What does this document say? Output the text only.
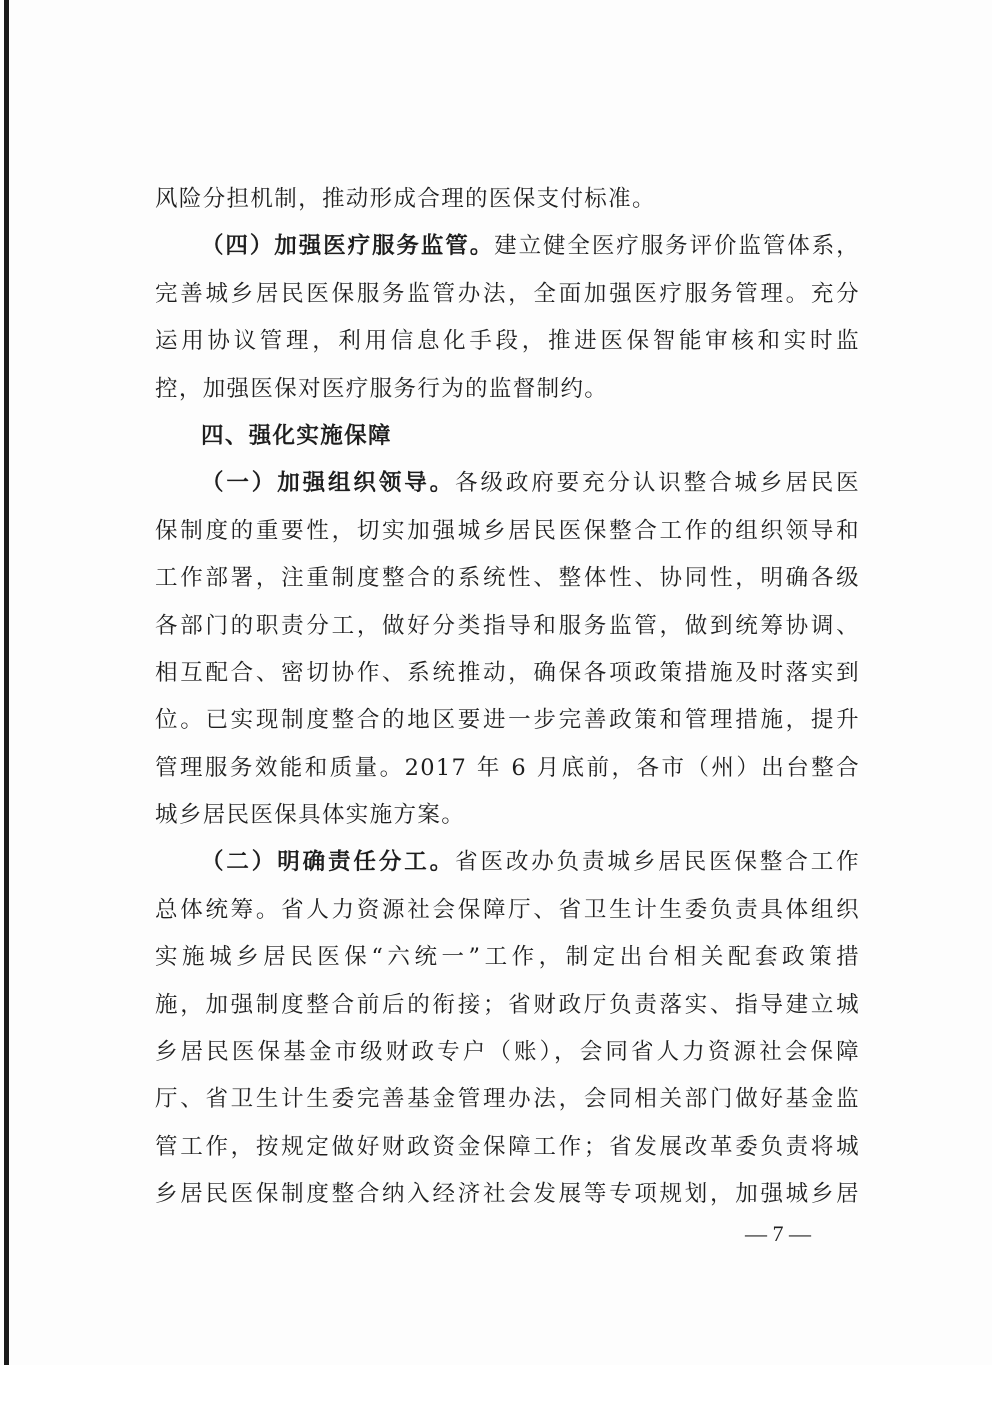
风险分担机制，推动形成合理的医保支付标准。
（四）加强医疗服务监管。建立健全医疗服务评价监管体系，
完善城乡居民医保服务监管办法，全面加强医疗服务管理。充分
运用协议管理，利用信息化手段，推进医保智能审核和实时监
控，加强医保对医疗服务行为的监督制约。
四、强化实施保障
（一）加强组织领导。各级政府要充分认识整合城乡居民医
保制度的重要性，切实加强城乡居民医保整合工作的组织领导和
工作部署，注重制度整合的系统性、整体性、协同性，明确各级
各部门的职责分工，做好分类指导和服务监管，做到统筹协调、
相互配合、密切协作、系统推动，确保各项政策措施及时落实到
位。已实现制度整合的地区要进一步完善政策和管理措施，提升
管理服务效能和质量。2017 年 6 月底前，各市（州）出台整合
城乡居民医保具体实施方案。
（二）明确责任分工。省医改办负责城乡居民医保整合工作
总体统筹。省人力资源社会保障厅、省卫生计生委负责具体组织
实施城乡居民医保“六统一”工作，制定出台相关配套政策措
施，加强制度整合前后的衔接；省财政厅负责落实、指导建立城
乡居民医保基金市级财政专户（账），会同省人力资源社会保障
厅、省卫生计生委完善基金管理办法，会同相关部门做好基金监
管工作，按规定做好财政资金保障工作；省发展改革委负责将城
乡居民医保制度整合纳入经济社会发展等专项规划，加强城乡居
— 7 —
